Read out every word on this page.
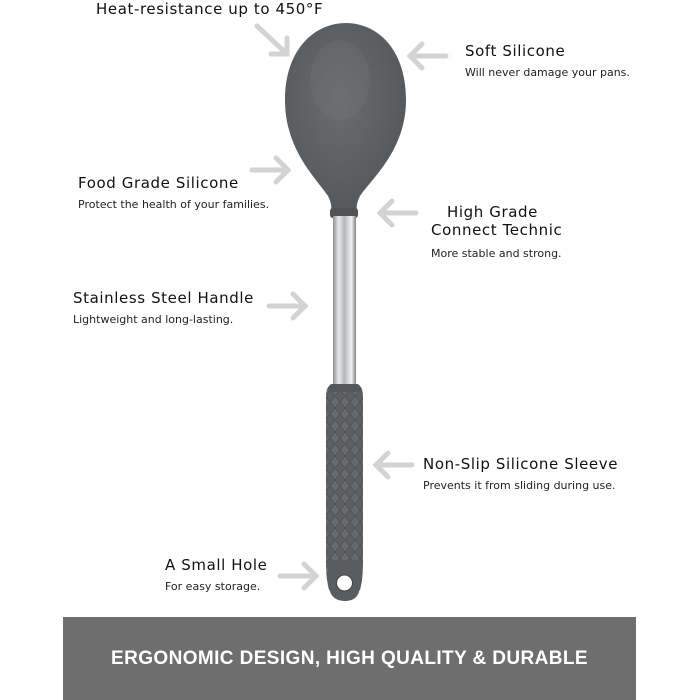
Heat-resistance up to 450°F
Soft Silicone
Will never damage your pans.
Food Grade Silicone
Protect the health of your families.	High Grade
Connect Technic
More stable and strong.
Stainless Steel Handle
Lightweight and long-lasting.
Non-Slip Silicone Sleeve
Prevents it from sliding during use.
A Small Hole
For easy storage.
ERGONOMIC DESIGN, HIGH QUALITY & DURABLE
